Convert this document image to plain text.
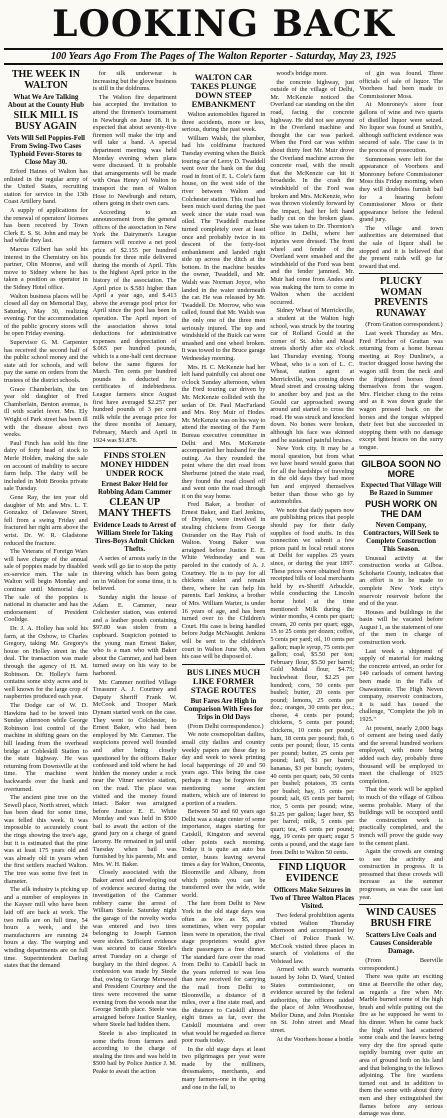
LOOKING BACK
100 Years Ago From The Pages of The Walton Reporter - Saturday, May 23, 1925
THE WEEK IN WALTON
What We Are Talking About at the County Hub
SILK MILL IS BUSY AGAIN
Vets Will Sell Poppies-Fell From Swing-Two Cases Typhoid Fever-Stores to Close May 30.

Erford Haines of Walton has enlisted in the regular army of the United States, recruiting station for service in the 13th Coast Artillery band.

A supply of applications for the renewal of operators' licenses has been received by Town Clerk E. S. St. John and may be had while they last.

Marcus Gilbert has sold his interest in the Chemistry on his partner, Olin Monroe, and will move to Sidney where he has taken a position as operator in the Sidney Hotel office.

Walton business places will be closed all day on Memorial Day, Saturday, May 30, realizing evening. For the accommodation of the public grocery stores will be open Friday evening.

Supervisor G. M. Carpenter has received the second half of the public school money and the state aid for schools, and will pay the same on orders from the trustees of the district schools.

Grace Chamberlain, the ten year old daughter of Fred Chamberlain, Benton avenue, is ill with scarlet fever. Mrs. Ely Wright of Park street has been ill with the disease about two weeks.

Paul Finch has sold his fine dairy of forty head of stock to Merle Holden, making the sale on account of inability to secure farm help. The dairy will be included in Mott Brooks private sale Tuesday.

Gene Ray, the ten year old daughter of Mr. and Mrs. L. T. Gonzalez of Delaware Street, fell from a swing Friday and fractured her right arm above the wrist. Dr. W. R. Gladstone reduced the fracture.

The Veterans of Foreign Wars will have charge of the annual sale of poppies made by disabled ex-service men. The sale in Walton will begin Monday and continue until Memorial day. The sale of the poppies is national in character and has the endorsement of President Coolidge.

Dr. J. A. Holley has sold his farm, at the Oxbow, to Charles Gregory, taking Mr. Gregory's house on Holley street in the deal. The transaction was made through the agency of H. M. Robinson. Dr. Holley's farm contains some sixty acres and is well known for the large crop of raspberries produced each year.

The Dodge car of W. D. Hawkins had to be towed into Sunday afternoon while George Robinson lost control of the machine in shifting gears on the hill leading from the overhead bridge at Cobleskill Station to the state highway. He was returning from Downsville at the time. The machine went backwards over the bank and overturned.

The ancient pine tree on the Sewell place, North street, which has been dead for some time, was felled this week. It was impossible to accurately count the rings showing the tree's age, but it is estimated that the pine was at least 175 years old and was already old in years when the first settlers reached Walton. The tree was some five feet in diameter.

The silk industry is picking up and a number of employees in the Kayser mill who have been laid off are back at work. The two mills are on full time, 54 hours a week, and the manufacturers are running 24 hours a day. The warping and winding departments are on full time. Superintendent Darling states that the demand

for silk underwear is increasing but the glove business is still in the doldrums.

The Walton fire department has accepted the invitation to attend the firemen's tournament in Newburgh on June 18. It is expected that about seventy-five firemen will make the trip and will take a band. A special department meeting was held Monday evening when plans were discussed. It is probable that arrangements will be made with Onas Henry of Walton to transport the men of Walton Hose to Newburgh and return, others going in their own cars.

According to an announcement from the general offices of the association in New York the Dairymen's League farmers will receive a net pool price of $2.155 per hundred pounds for three mile delivered during the month of April. This is the highest April price in the history of the association. The April price is $.581 higher than April a year ago, and $.413 above the average pool price for April since the pool has been in operation. The April report of the association shows total deductions for administrative expenses and depreciation of $.065 per hundred pounds, which is a one-half cent decrease below the same figures for March. Ten cents per hundred pounds is deducted for certificates of indebtedness. League farmers since August first have averaged $2.257 per hundred pounds of 3 per cent milk while the average price for the three months of January, February, March and April in 1924 was $1.878.

FINDS STOLEN MONEY HIDDEN UNDER ROCK
Ernest Baker Held for Robbing Adam Cammer
CLEAN UP MANY THEFTS
Evidence Leads to Arrest of William Steele for Taking Tires-Boys Admit Chicken Thefts.

A series of arrests early in the week will go far to stop the petty thieving which has been going on in Walton for some time, it is believed.

Sunday night the house of Adam E. Cammer, near Colchester station, was entered and a leather pouch containing $97.80 was stolen from a cupboard. Suspicion pointed to the young man Ernest Baker, who is a man who with Baker about the Cammer, and had been turned away on his way to be harbored.

Mr. Cammer notified Village Treasurer A. J. Courtney and Deputy Sheriff Frank W. McCook and Trooper Mark Dynam started work on the case. They went to Colchester, to Ernest Baker, who had been employed by Mr. Cammer. The suspicions proved well founded and after being closely questioned by the officers Baker confessed and told where he had hidden the money under a rock near the Vitner service station, on the road. The place was visited and the money found intact. Baker was arraigned before Justice E. E. White Monday and was held in $500 bail to await the action of the grand jury on a charge of grand larceny. He remained in jail until Tuesday when bail was furnished by his parents, Mr. and Mrs. W. H. Baker.

Closely associated with the Baker arrest and developing out of evidence secured during the investigation of the Cammer robbery came the arrest of William Steele. Saturday night the garage of the novelty works was entered and two tires belonging to Joseph Gannon were stolen. Sufficient evidence was secured to cause Steele's arrest Tuesday on a charge of burglary in the third degree. A confession was made by Steele that, owing to George Merwood and President Courtney and the tires were recovered the same evening from the woods near the George Smith place. Steele was arraigned before Justice Stanley, where Steele had hidden them.

Steele is also implicated in some thefts from farmers and according to the charge of stealing the tires and was held in $500 bail by Police Justice J. M. Peake to await the action

WALTON CAR TAKES PLUNGE DOWN STEEP EMBANKMENT

Walton automobiles figured in three accidents, more or less, serious, during the past week.

William Walsh, the plumber, had his coldframe fractured Tuesday evening when the Buick touring car of Leroy D. Twaddell went over the bank on the dug road in front of E. L. Cole's farm house, on the west side of the river between Walton and Colchester station. This road has been much used during the past week since the state road was oiled. The Twaddell machine turned completely over at least once and probably twice in its descent of the forty-foot embankment and landed right side up across the ditch at the bottom. In the machine besides the owner, Twaddell, and Mr. Walsh was Norman Joyce, who landed in the water underneath the car. He was released by Mr. Twaddell. Dr. Morrow, who was called, found that Mr. Walsh was the only one of the three men seriously injured. The top and windshield of the Buick car were smashed and one wheel broken. It was towed to the Bruce garage Wednesday morning.

Mrs. H. C. McKenzie had her left hand painfully cut about one o'clock Sunday afternoon, when the Ford touring car driven by Mr. McKenzie collided with the sedan of Dr. Paul MacFarland and Mrs. Roy Muir of Hodes. Mr. McKenzie was on his way to attend the meeting of the Farm Bureau executive committee in Delhi and Mrs. McKenzie accompanied her husband for the outing. As they rounded the point where the dirt road from Sherburne joined the state road, they found the road closed off and went onto the road through it on the way home.

Fred Baker, a brother of Ernest Baker, and Earl Jenkins, of Dryden, were involved in stealing chickens from George Ostrander on the Ray Fish of Walton. Young Baker was arraigned before Justice E. E. White Wednesday and was paroled in the custody of A. J. Courtney. He is to pay for all chickens stolen and remain there, where he can help his parents. Earl Jenkins, a brother of Mrs. William Warter, is under 16 years of age, and has been turned over to the Children's Court. His case is being handled before Judge McNaught. Jenkins will be sent to the children's court in Walton June 9th, when his case will be disposed of.

BUS LINES MUCH LIKE FORMER STAGE ROUTES
But Fares Are High in Comparison With Fees for Trips in Old Days

(From Delhi correspondence.)

We note cosmopolitan dailies, small city dailies and country weekly papers are these day to day and week to week printing local happenings of 20 and 50 years ago. This being the case perhaps it may be forgiven for mentioning some ancient matters, which are of interest to a portion of a readers.

Between 50 and 60 years ago Delhi was a stage center of some importance, stages starting for Catskill, Kingston and several other points each morning. Today it is quite an auto bus center, buses leaving several times a day for Walton, Oneonta, Bloomville and Albany, from which points you can be transferred over the wide, wide world.

The fare from Delhi to New York in the old stage days was often as low as $5, and sometimes, when very popular lines were in operation, the rival stage proprietors would give their passengers a free dinner. The standard fare over the road from Delhi to Catskill back in the years referred to was less than now received for carrying the mail from Delhi to Bloomville, a distance of 8 miles, over a fine state road, and the distance to Catskill almost eight times as far, over the Catskill mountains and over what would be regarded as fierce poor roads today.

In the old stage days at least two pilgrimages per year were made by the milliners, dressmakers, merchants, and many farmers-one in the spring and one in the fall, to

wood's bridge more.

the concrete highway, just outside of the village of Delhi, Mr. McKenzie noticed the Overland car standing on the dirt road, facing the concrete highway. He did not see anyone in the Overland machine and thought the car was parked. When the Ford car was within about thirty feet Mr. Muir drove the Overland machine across the concrete road, with the result that the McKenzie car hit it broadside. In the crash the windshield of the Ford was broken and Mrs. McKenzie, who was thrown violently forward by the impact, had her left hand badly cut on the broken glass. She was taken to Dr. Thornton's office in Delhi, where her injuries were dressed. The front wheel and fender of the Overland were smashed and the windshield of the Ford was bent and the fender jammed. Mr. Muir had come from Andes and was making the turn to come in Walton when the accident occurred.

Sidney Wheat of Merrickville, a student at the Walton high school, was struck by the touring car of Rolland Gould at the corner of St. John and Mead streets shortly after six o'clock last Thursday evening. Young Wheat, who is a son of L. C. Wheat, station agent at Merrickville, was coming down Mead street and crossing taking to another boy and just as the Gould car approached swung around and started to cross the road. He was struck and knocked down. No bones were broken, although his face was skinned and he sustained painful bruises.

New York city. It may be a moral question, but from what we have heard would guess that for all the hardships of traveling in the old days they had more fun and enjoyed themselves better than those who go by automobiles.

We note that daily papers now are publishing prices that people should pay for their daily supplies of food stuffs. In this connection we submit a few prices paid in local retail stores at Delhi for supplies 25 years since, or during the year 1897. These prices were obtained from receipted bills of local merchants held by ex-Sheriff Arbuckle, while conducting the Lincoln home hotel at the time mentioned: Milk during the winter months, 4 cents per quart; cream, 20 cents per quart; eggs, 15 to 25 cents per dozen; coffee, 5 cents per yard; oil, 10 cents per gallon; maple syrup, 75 cents per gallon; coal, $5.50 per ton; February flour, $5.50 per barrel; Gold Medal flour, $4.75; buckwheat flour, $2.25 per hundred; corn, 50 cents per bushel; butter, 20 cents per pound; lemons, 25 cents per doz.; oranges, 30 cents per doz.; cheese, 4 cents per pound; chickens, 5 cents per pound; chickens, 10 cents per pound; ham, 18 cents per pound; fish, 6 cents per pound; flour, 15 cents per pound; butter, 25 cents per pound; lard, $1 per barrel; bananas, $3 per bunch; oysters, 40 cents per quart; oats, 50 cents per bushel; potatoes, 35 cents per bushel; hay, 15 cents per pound; salt, 65 cents per barrel; rice, 5 cents per pound; wine, $1.25 per gallon; lager beer, $5 per barrel; milk, 5 cents per quart; tea, 45 cents per pound; egg, 19 cents per quart; sugar 5 cents a pound, and the stage fare from Delhi to Walton 50 cents.

FIND LIQUOR EVIDENCE
Officers Make Seizures in Two of Three Walton Places Visited.

Two federal prohibition agents visited Walton Thursday afternoon and accompanied by Chief of Police Frank W. McCook visited three places in search of violations of the Volstead law.

Armed with search warrants issued by John D. Ward, United States commissioner, on evidence secured by the federal authorities, the officers raided the place of John Woodhouse, Mellor Dunn, and John Pioniske on St. John street and Mead street.

At the Voorhees house a bottle

of gin was found. Three officials of sale of liquor. The Voorhees had been made to Commissioner Moss.

At Monroney's store four gallons of wine and two quarts of distilled liquor were seized. No liquor was found at Smith's, although sufficient evidence was secured of sale. The case is in the process of prosecution.

Summonses were left for the appearance of Voorhees and Monroney before Commissioner Moss this Friday morning, when they will doubtless furnish bail for a hearing before Commissioner Moss or their appearance before the federal grand jury.

The village and town authorities are determined that the sale of liquor shall be stopped and it is believed that the present raids will go far toward that end.

PLUCKY WOMAN PREVENTS RUNAWAY

(From Gratton correspondent.)

Last week Thursday as Mrs. Fred Fletcher of Grattan was returning from a home bureau meeting at Roy Dunline's, a tractor dragged loose having the wagon still from the neck and the frightened horses freed themselves from the wagon. Mrs. Fletcher clung to the reins and as it was down grade the wagon pressed back on the horses and the tongue whipped their feet but she succeeded in stopping them with no damage except bent braces on the surry tongue.

GILBOA SOON NO MORE
Expected That Village Will Be Razed in Summer
PUSH WORK ON THE DAM
Neven Company, Contractors, Will Seek to Complete Construction This Season.

Unusual activity at the construction works at Gilboa. Schoharie County, indicates that an effort is to be made to complete New York city's reservoir reservoir before the end of the year.

Houses and buildings in the basin will be vacated before August 1, as the statement of one of the men in charge of construction work.

Last week a shipment of supply of material for making the concrete arrived, an order for 140 carloads of cement having been made in the Falls of Osawatomie. The High Neven company, reservoir contractors, it is said has issued the challenge, "Complete the job in 1925."

At present, nearly 2,000 bags of cement are being used daily and the several hundred workers employed, with more being added each day, probably three thousand will be employed to meet the challenge of 1925 completion.

That the work will be applied to much of the village of Gilboa seems probable. Many of the buildings will be occupied until the construction work is practically completed, and the trench will prove the guide way to the cement plant.

Again the crowds are coming to see the activity and construction in progress. It is presumed that these crowds will increase as the summer progresses, as was the case last year.

WIND CAUSES BRUSH FIRE
Scatters Live Coals and Causes Considerable Damage.

(From Beerville correspondent.)

There was quite an exciting time at Beerville the other day, as regards a fire when Mr. Marble burned some of the high brush and while putting out the fire as he supposed he went to his dinner. When he came back the high wind had scattered some coals and the leaves being very dry the fire spread quite rapidly burning over quite an area of ground both on his land and that belonging to the fellows adjoining. The fire wardens turned out and in addition to them the some with about thirty men and they extinguished the flames before any serious damage was done.
